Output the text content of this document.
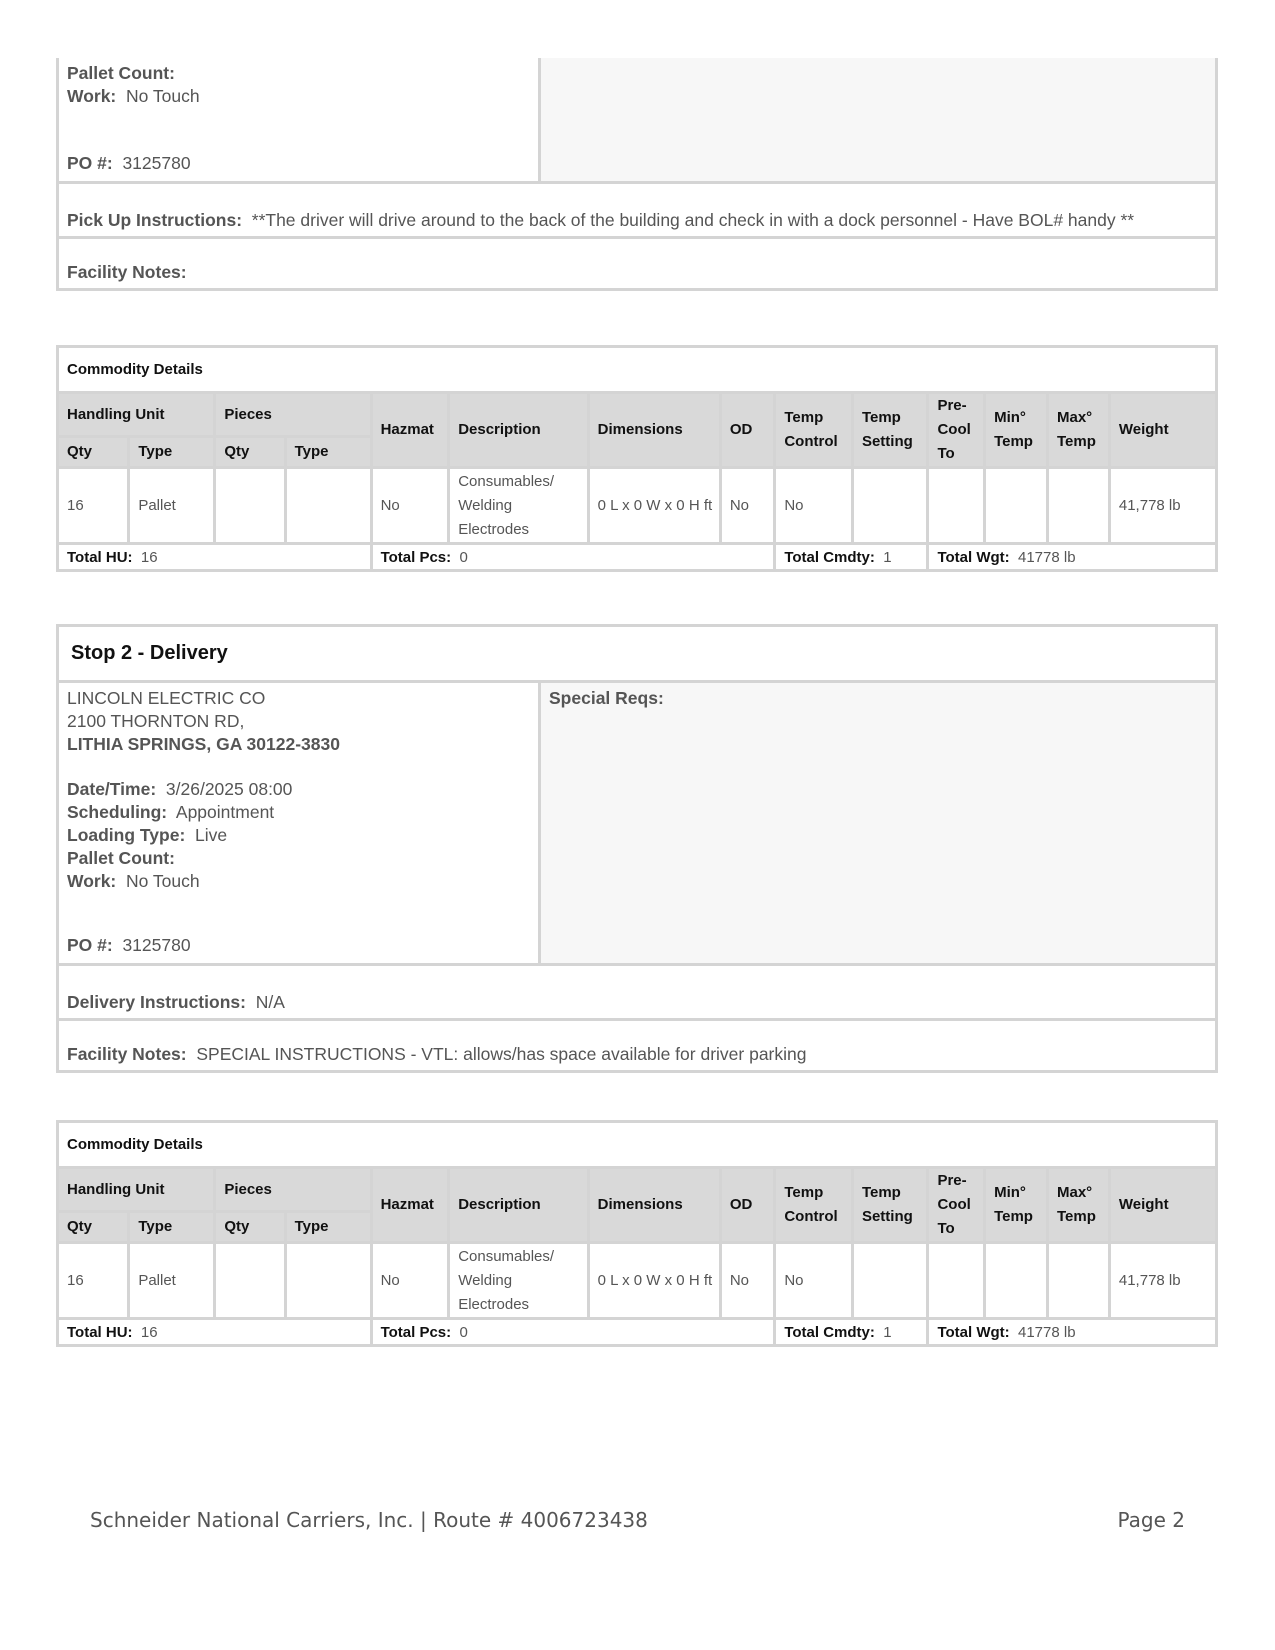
Pallet Count:
Work: No Touch
PO #: 3125780
Pick Up Instructions:
**The driver will drive around to the back of the building and check in with a dock personnel - Have BOL# handy **
Facility Notes:

Commodity Details													
Handling Unit		Pieces		Hazmat	Description	Dimensions	OD	Temp Control	Temp Setting	Pre-Cool To	Min° Temp	Max° Temp	Weight
Qty	Type	Qty	Type										
16	Pallet			No	Consumables/ Welding Electrodes	0 L x 0 W x 0 H ft	No	No					41,778 lb
Total HU: 16				Total Pcs: 0				Total Cmdty: 1		Total Wgt: 41778 lb			
Stop 2 - Delivery
LINCOLN ELECTRIC CO
2100 THORNTON RD,
LITHIA SPRINGS, GA 30122-3830
Date/Time: 3/26/2025 08:00
Scheduling: Appointment
Loading Type: Live
Pallet Count:
Work: No Touch
PO #: 3125780
Special Reqs:
Delivery Instructions:
N/A
Facility Notes:
SPECIAL INSTRUCTIONS - VTL: allows/has space available for driver parking
Commodity Details													
Handling Unit		Pieces		Hazmat	Description	Dimensions	OD	Temp Control	Temp Setting	Pre-Cool To	Min° Temp	Max° Temp	Weight
Qty	Type	Qty	Type										
16	Pallet			No	Consumables/ Welding Electrodes	0 L x 0 W x 0 H ft	No	No					41,778 lb
Total HU: 16				Total Pcs: 0				Total Cmdty: 1		Total Wgt: 41778 lb			
Schneider National Carriers, Inc. | Route # 4006723438	Page 2
